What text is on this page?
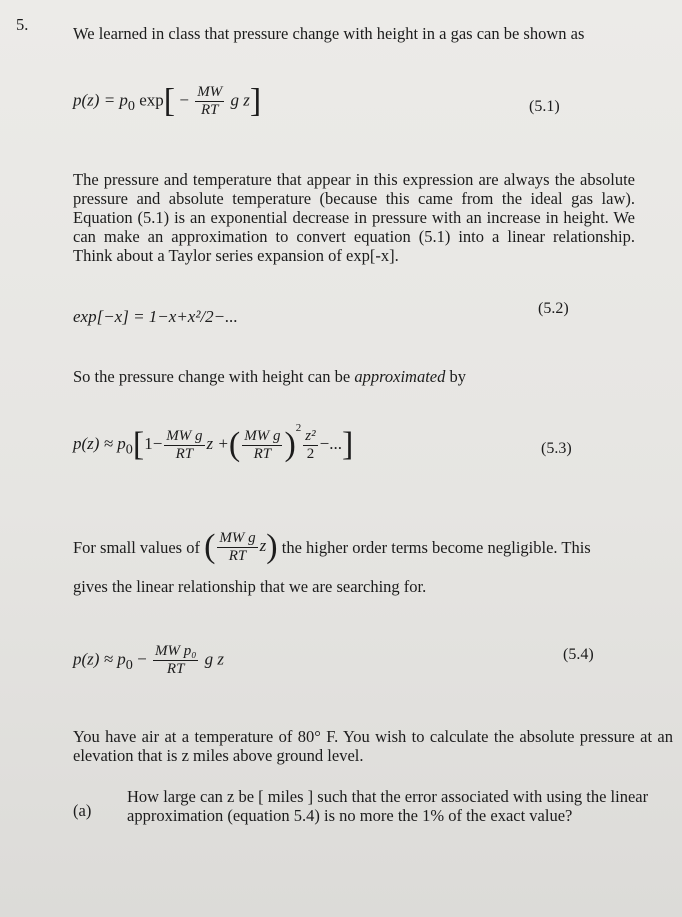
5.	We learned in class that pressure change with height in a gas can be shown as
$p(z) = p_0$ $\exp[ - \frac{MW}{RT}$ g z]	(5.1)
The pressure and temperature that appear in this expression are always the absolute pressure and absolute temperature (because this came from the ideal gas law). Equation (5.1) is an exponential decrease in pressure with an increase in height. We can make an approximation to convert equation (5.1) into a linear relationship. Think about a Taylor series expansion of exp[-x].
exp[−x] = 1−x+x²/2−...	(5.2)
So the pressure change with height can be approximated by
$p(z) \approx p_0[1- \frac{\text{MW g}}{RT}$ z +( $\frac{\text{MW g}}{RT} )^2 \frac{\text{z²}}{2}$ −...]	(5.3)
For small values of ( $\frac{\text{MW g}}{RT} z$) the higher order terms become negligible. This
gives the linear relationship that we are searching for.
$p(z) \approx p_0 - \frac{\text{MW p₀}}{RT}$ g z	(5.4)
You have air at a temperature of 80° F. You wish to calculate the absolute pressure at an elevation that is z miles above ground level.
(a)
How large can z be [ miles ] such that the error associated with using the linear approximation (equation 5.4) is no more the 1% of the exact value?
